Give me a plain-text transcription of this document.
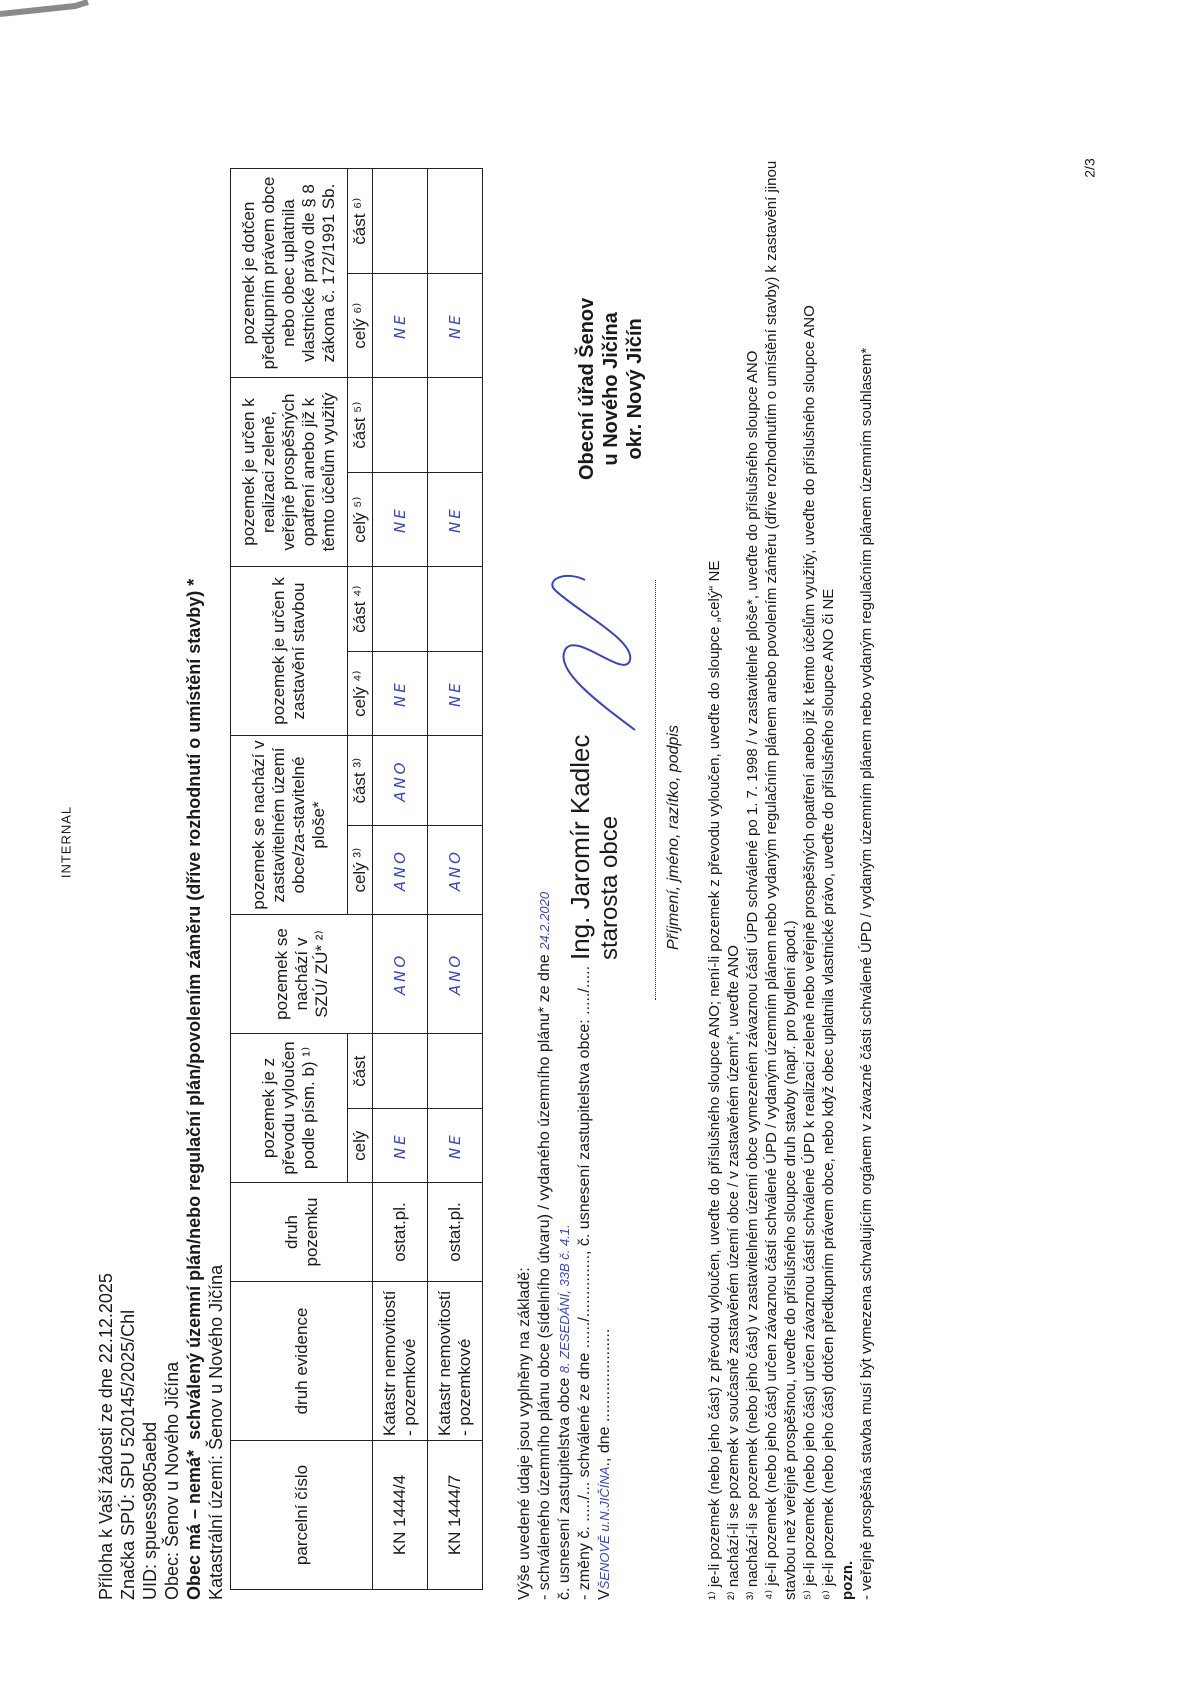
INTERNAL
2/3
Příloha k Vaší žádosti ze dne 22.12.2025 Značka SPÚ: SPU 520145/2025/Chl UID: spuess9805aebd Obec: Šenov u Nového Jičína Obec má – nemá*  schválený územní plán/nebo regulační plán/povolením záměru (dříve rozhodnutí o umístění stavby) * Katastrální území: Šenov u Nového Jičína	parcelní číslo	druh evidence	druh pozemku	pozemek je z převodu vyloučen podle písm. b) ¹⁾		pozemek se nachází v SZÚ/ ZÚ* ²⁾	pozemek se nachází v zastavitelném území obce/za-stavitelné ploše*		pozemek je určen k zastavění stavbou		pozemek je určen k realizaci zeleně, veřejně prospěšných opatření anebo již k těmto účelům využitý		pozemek je dotčen předkupním právem obce nebo obec uplatnila vlastnické právo dle § 8 zákona č. 172/1991 Sb.	
			celý	část		celý ³⁾	část ³⁾	celý ⁴⁾	část ⁴⁾	celý ⁵⁾	část ⁵⁾	celý ⁶⁾	část ⁶⁾
KN 1444/4	Katastr nemovitostí - pozemkové	ostat.pl.	NE		ANO	ANO	ANO	NE		NE		NE	
KN 1444/7	Katastr nemovitostí - pozemkové	ostat.pl.	NE		ANO	ANO		NE		NE		NE	
Výše uvedené údaje jsou vyplněny na základě: - schváleného územního plánu obce (sídelního útvaru) / vydaného územního plánu* ze dne 24.2.2020
č. usnesení zastupitelstva obce 8. ZESEDÁNÍ, 33B č. 4.1. - změny č. ...../... schválené ze dne ....../.............., č. usnesení zastupitelstva obce: ...../..... VŠENOVĚ u.N.JIČÍNA., dne .....................
Ing. Jaromír Kadlec starosta obce	Příjmení, jméno, razítko, podpis
Obecní úřad Šenov u Nového Jičína okr. Nový Jičín

¹⁾ je-li pozemek (nebo jeho část) z převodu vyloučen, uveďte do příslušného sloupce ANO; není-li pozemek z převodu vyloučen, uveďte do sloupce „celý“ NE ²⁾ nachází-li se pozemek v současně zastavěném území obce / v zastavěném území*, uveďte ANO ³⁾ nachází-li se pozemek (nebo jeho část) v zastavitelném území obce vymezeném závaznou částí ÚPD schválené po 1. 7. 1998 / v zastavitelné ploše*, uveďte do příslušného sloupce ANO ⁴⁾ je-li pozemek (nebo jeho část) určen závaznou částí schválené ÚPD / vydaným územním plánem nebo vydaným regulačním plánem anebo povolením záměru (dříve rozhodnutím o umístění stavby) k zastavění jinou stavbou než veřejně prospěšnou, uveďte do příslušného sloupce druh stavby (např. pro bydlení apod.) ⁵⁾ je-li pozemek (nebo jeho část) určen závaznou částí schválené ÚPD k realizaci zeleně nebo veřejně prospěšných opatření anebo již k těmto účelům využitý, uveďte do příslušného sloupce ANO ⁶⁾ je-li pozemek (nebo jeho část) dotčen předkupním právem obce, nebo když obec uplatnila vlastnické právo, uveďte do příslušného sloupce ANO či NE pozn. - veřejně prospěšná stavba musí být vymezena schvalujícím orgánem v závazné části schválené ÚPD / vydaným územním plánem nebo vydaným regulačním plánem územním souhlasem*
